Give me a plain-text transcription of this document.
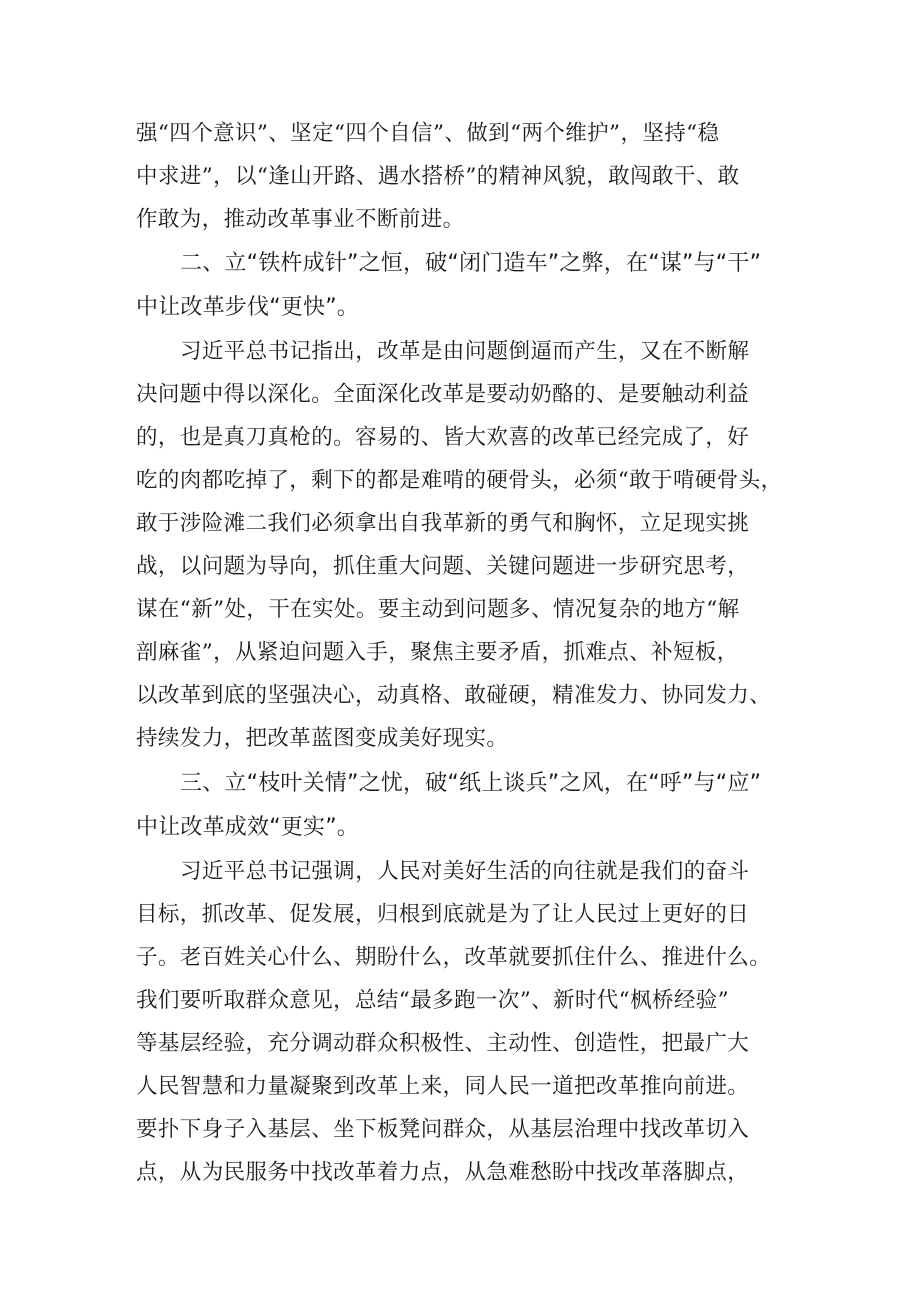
强“四个意识”、坚定“四个自信”、做到“两个维护”，坚持“稳
中求进”，以“逢山开路、遇水搭桥”的精神风貌，敢闯敢干、敢
作敢为，推动改革事业不断前进。
二、立“铁杵成针”之恒，破“闭门造车”之弊，在“谋”与“干”
中让改革步伐“更快”。
习近平总书记指出，改革是由问题倒逼而产生，又在不断解
决问题中得以深化。全面深化改革是要动奶酪的、是要触动利益
的，也是真刀真枪的。容易的、皆大欢喜的改革已经完成了，好
吃的肉都吃掉了，剩下的都是难啃的硬骨头，必须“敢于啃硬骨头，
敢于涉险滩二我们必须拿出自我革新的勇气和胸怀，立足现实挑
战，以问题为导向，抓住重大问题、关键问题进一步研究思考，
谋在“新”处，干在实处。要主动到问题多、情况复杂的地方“解
剖麻雀”，从紧迫问题入手，聚焦主要矛盾，抓难点、补短板，
以改革到底的坚强决心，动真格、敢碰硬，精准发力、协同发力、
持续发力，把改革蓝图变成美好现实。
三、立“枝叶关情”之忧，破“纸上谈兵”之风，在“呼”与“应”
中让改革成效“更实”。
习近平总书记强调，人民对美好生活的向往就是我们的奋斗
目标，抓改革、促发展，归根到底就是为了让人民过上更好的日
子。老百姓关心什么、期盼什么，改革就要抓住什么、推进什么。
我们要听取群众意见，总结“最多跑一次”、新时代“枫桥经验”
等基层经验，充分调动群众积极性、主动性、创造性，把最广大
人民智慧和力量凝聚到改革上来，同人民一道把改革推向前进。
要扑下身子入基层、坐下板凳问群众，从基层治理中找改革切入
点，从为民服务中找改革着力点，从急难愁盼中找改革落脚点，
